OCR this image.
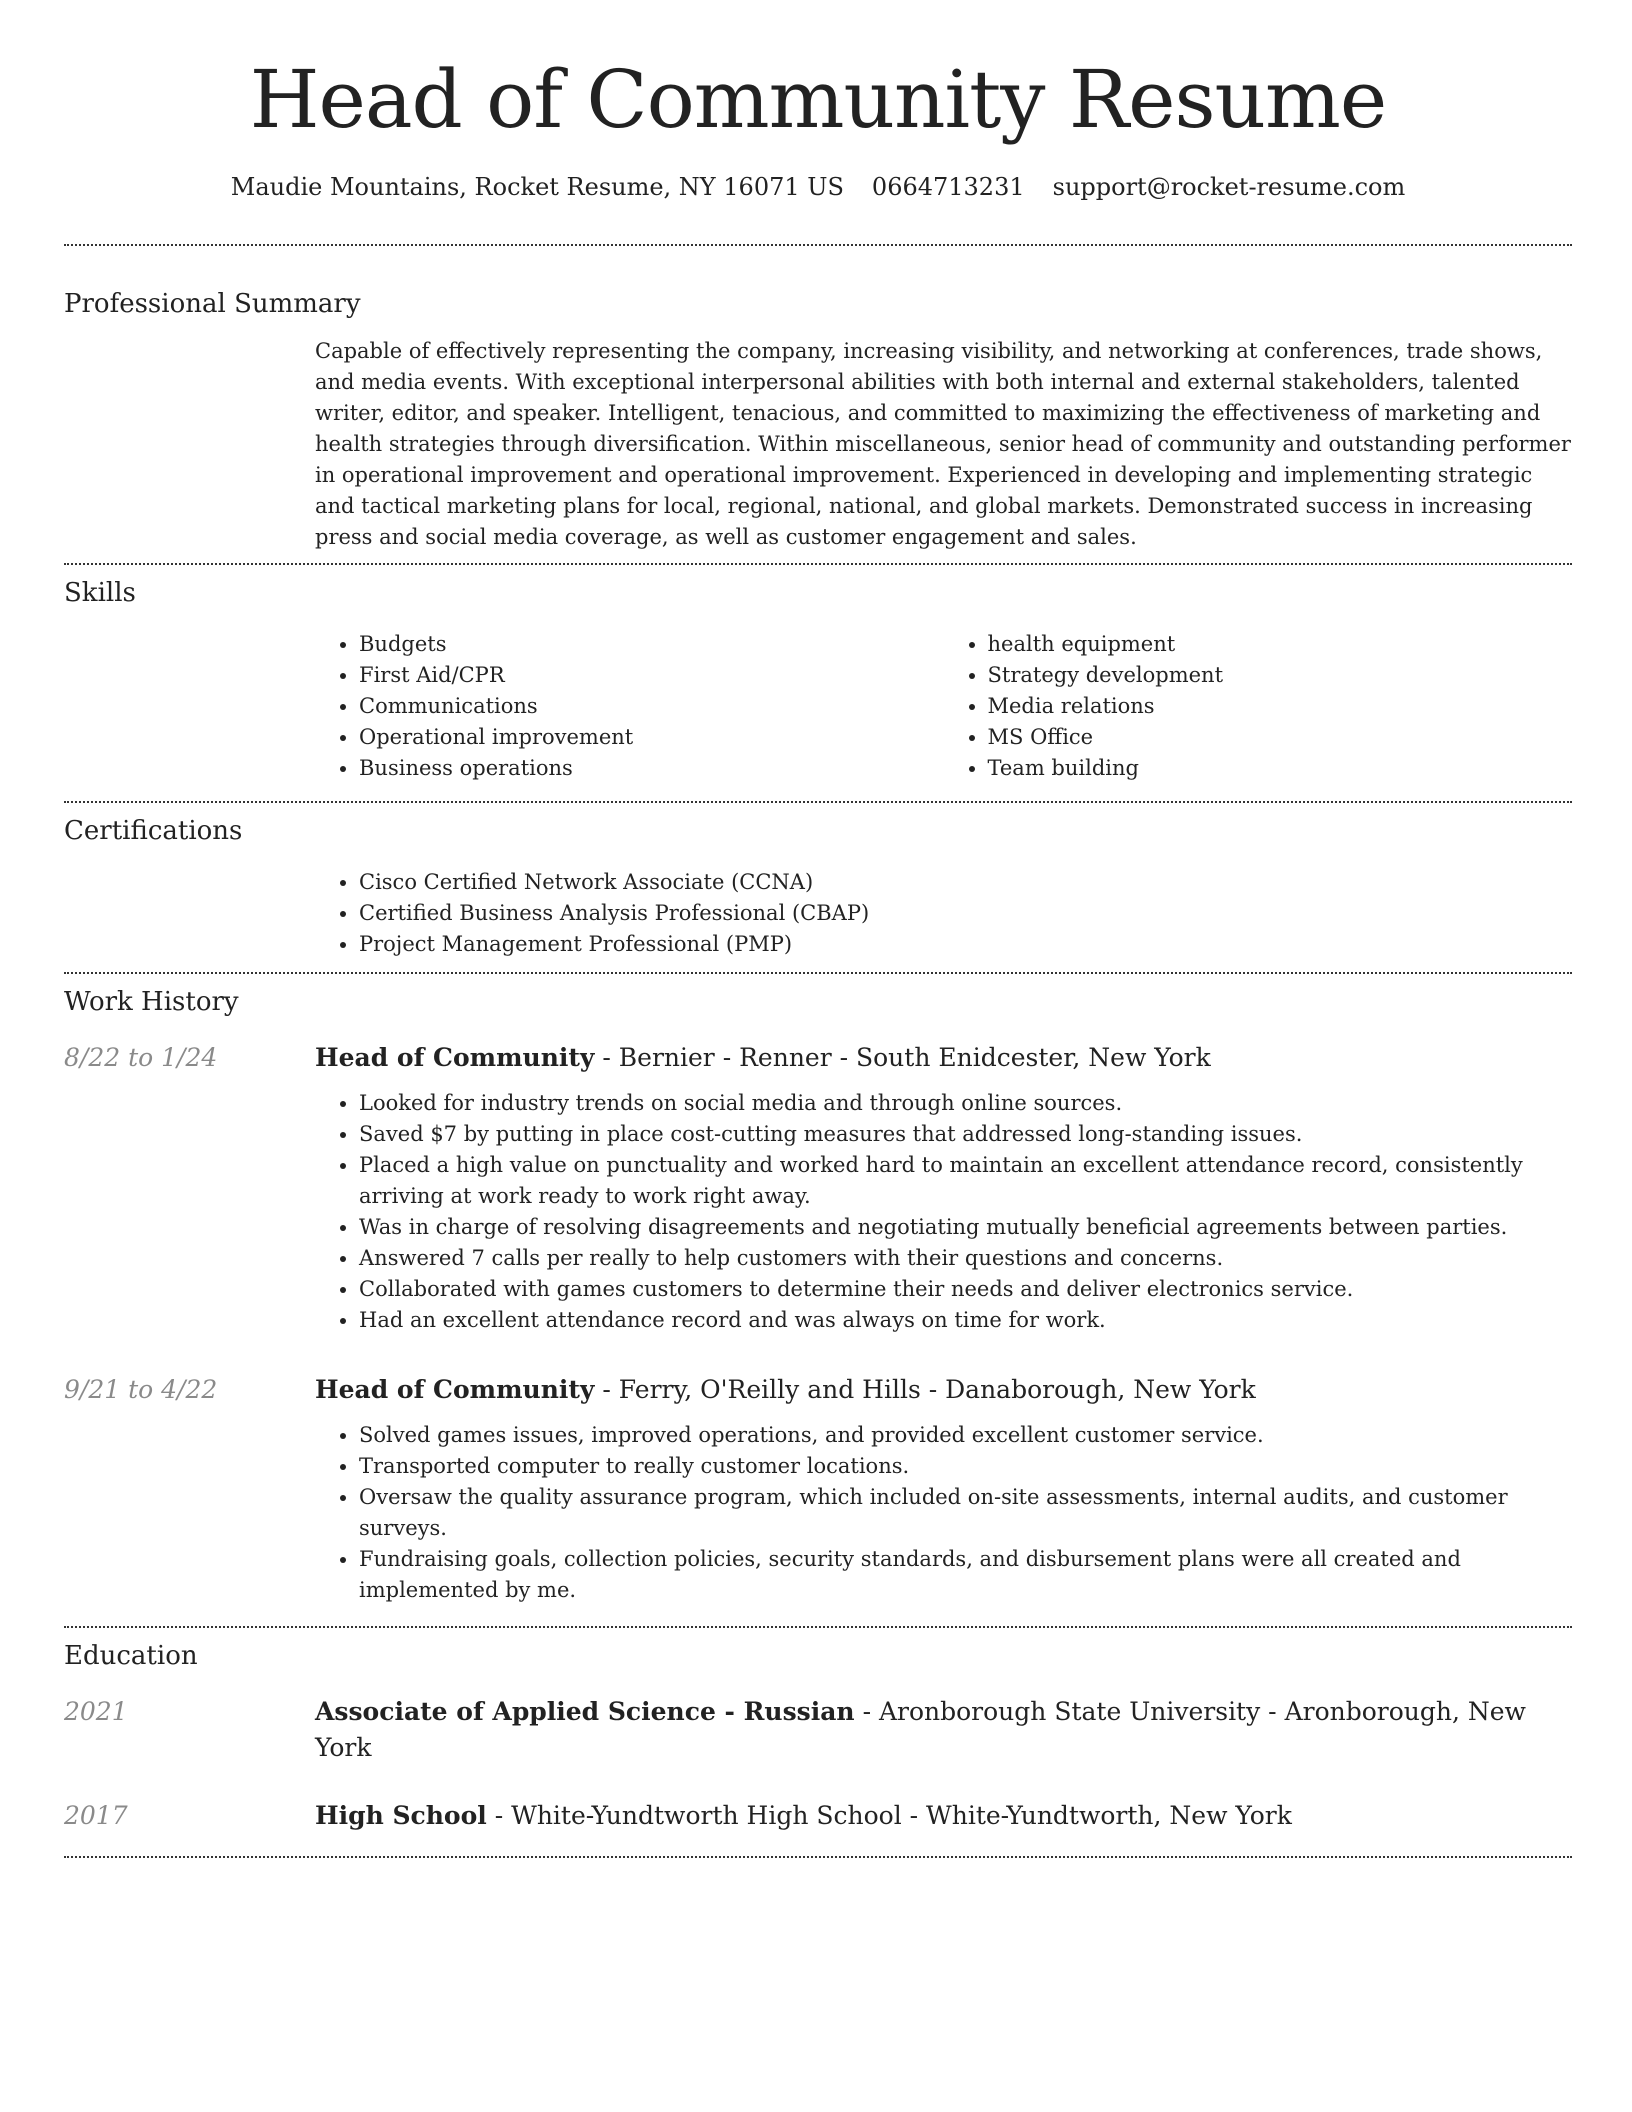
Head of Community Resume
Maudie Mountains, Rocket Resume, NY 16071 US 0664713231 support@rocket-resume.com
Professional Summary

Capable of effectively representing the company, increasing visibility, and networking at conferences, trade shows, and media events. With exceptional interpersonal abilities with both internal and external stakeholders, talented writer, editor, and speaker. Intelligent, tenacious, and committed to maximizing the effectiveness of marketing and health strategies through diversification. Within miscellaneous, senior head of community and outstanding performer in operational improvement and operational improvement. Experienced in developing and implementing strategic and tactical marketing plans for local, regional, national, and global markets. Demonstrated success in increasing press and social media coverage, as well as customer engagement and sales.

Skills
• Budgets
• First Aid/CPR
• Communications
• Operational improvement
• Business operations
• health equipment
• Strategy development
• Media relations
• MS Office
• Team building
Certifications
• Cisco Certified Network Associate (CCNA)
• Certified Business Analysis Professional (CBAP)
• Project Management Professional (PMP)
Work History
8/22 to 1/24	Head of Community - Bernier - Renner - South Enidcester, New York
• Looked for industry trends on social media and through online sources.
• Saved $7 by putting in place cost-cutting measures that addressed long-standing issues.
• Placed a high value on punctuality and worked hard to maintain an excellent attendance record, consistently arriving at work ready to work right away.
• Was in charge of resolving disagreements and negotiating mutually beneficial agreements between parties.
• Answered 7 calls per really to help customers with their questions and concerns.
• Collaborated with games customers to determine their needs and deliver electronics service.
• Had an excellent attendance record and was always on time for work.
9/21 to 4/22	Head of Community - Ferry, O'Reilly and Hills - Danaborough, New York
• Solved games issues, improved operations, and provided excellent customer service.
• Transported computer to really customer locations.
• Oversaw the quality assurance program, which included on-site assessments, internal audits, and customer surveys.
• Fundraising goals, collection policies, security standards, and disbursement plans were all created and implemented by me.
Education
2021	Associate of Applied Science - Russian - Aronborough State University - Aronborough, New York
2017	High School - White-Yundtworth High School - White-Yundtworth, New York
